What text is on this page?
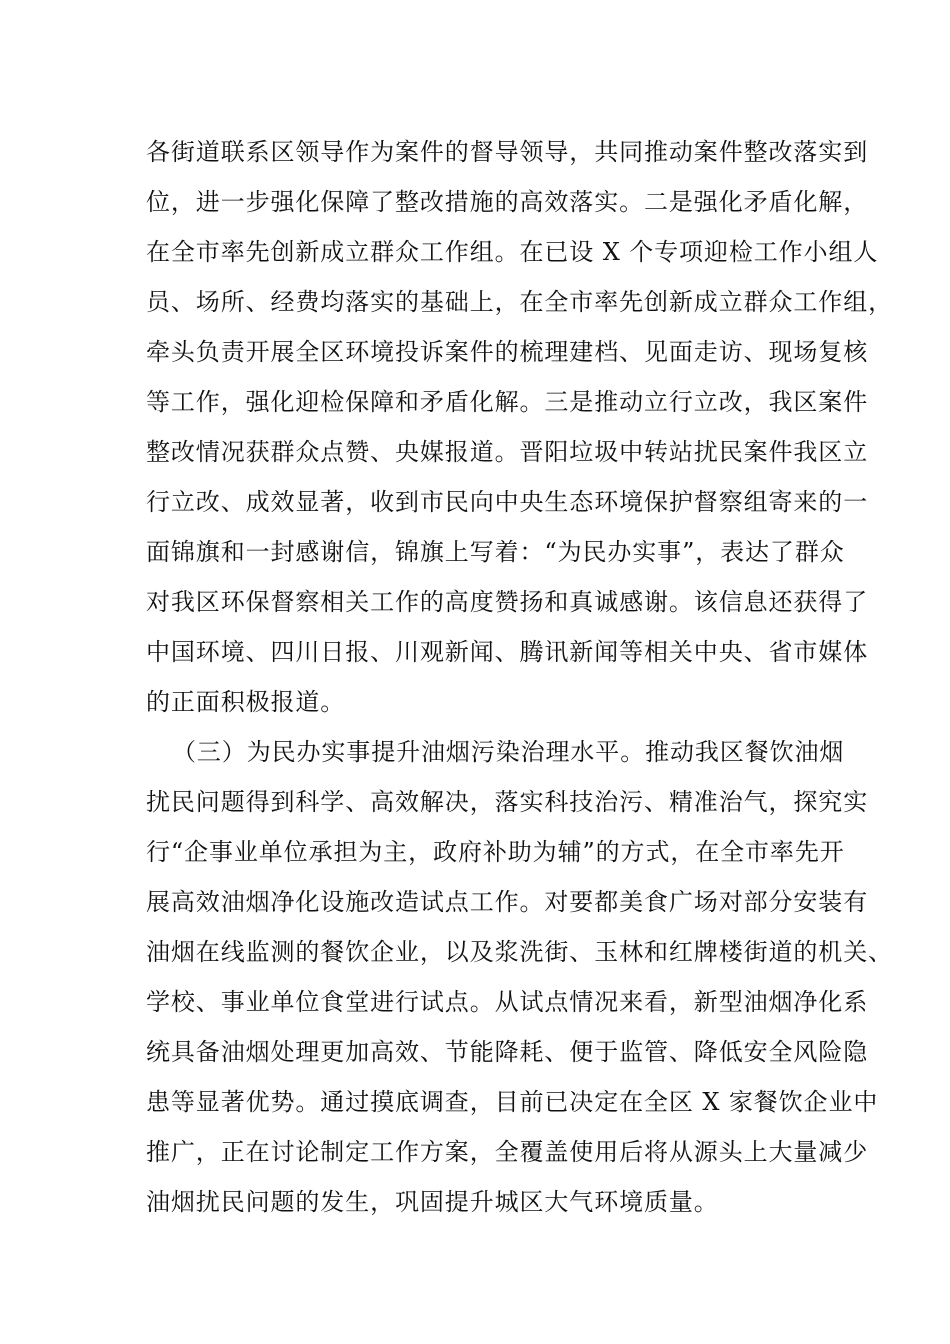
各街道联系区领导作为案件的督导领导，共同推动案件整改落实到
位，进一步强化保障了整改措施的高效落实。二是强化矛盾化解，
在全市率先创新成立群众工作组。在已设 X 个专项迎检工作小组人
员、场所、经费均落实的基础上，在全市率先创新成立群众工作组，
牵头负责开展全区环境投诉案件的梳理建档、见面走访、现场复核
等工作，强化迎检保障和矛盾化解。三是推动立行立改，我区案件
整改情况获群众点赞、央媒报道。晋阳垃圾中转站扰民案件我区立
行立改、成效显著，收到市民向中央生态环境保护督察组寄来的一
面锦旗和一封感谢信，锦旗上写着：“为民办实事”，表达了群众
对我区环保督察相关工作的高度赞扬和真诚感谢。该信息还获得了
中国环境、四川日报、川观新闻、腾讯新闻等相关中央、省市媒体
的正面积极报道。
（三）为民办实事提升油烟污染治理水平。推动我区餐饮油烟
扰民问题得到科学、高效解决，落实科技治污、精准治气，探究实
行“企事业单位承担为主，政府补助为辅”的方式，在全市率先开
展高效油烟净化设施改造试点工作。对要都美食广场对部分安装有
油烟在线监测的餐饮企业，以及浆洗街、玉林和红牌楼街道的机关、
学校、事业单位食堂进行试点。从试点情况来看，新型油烟净化系
统具备油烟处理更加高效、节能降耗、便于监管、降低安全风险隐
患等显著优势。通过摸底调查，目前已决定在全区 X 家餐饮企业中
推广，正在讨论制定工作方案，全覆盖使用后将从源头上大量减少
油烟扰民问题的发生，巩固提升城区大气环境质量。
